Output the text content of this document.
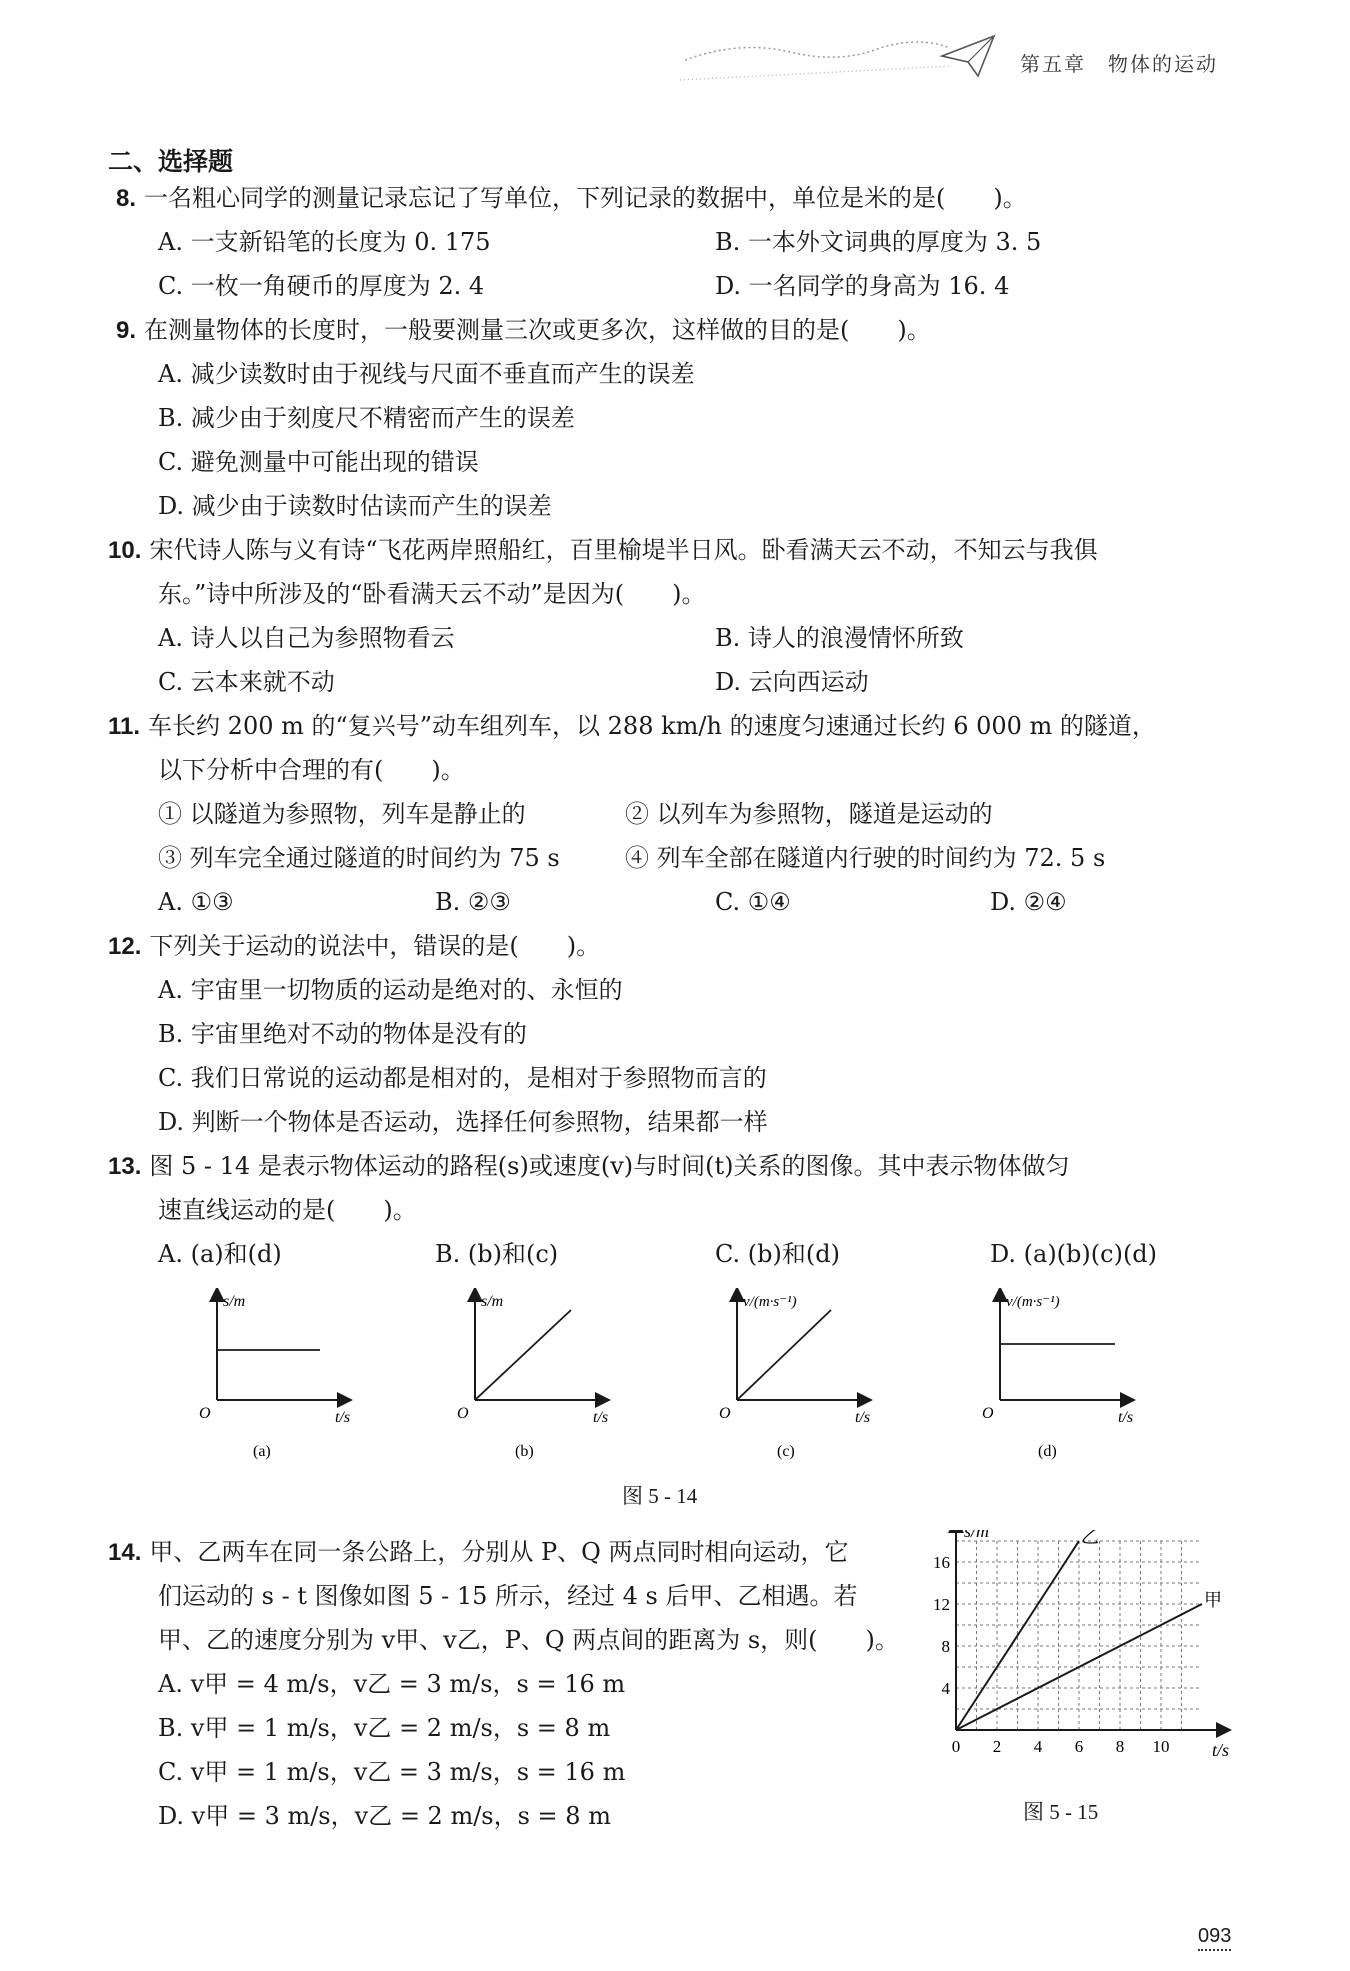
第五章　物体的运动
二、选择题
8. 一名粗心同学的测量记录忘记了写单位，下列记录的数据中，单位是米的是(　　)。
A. 一支新铅笔的长度为 0. 175	B. 一本外文词典的厚度为 3. 5
C. 一枚一角硬币的厚度为 2. 4	D. 一名同学的身高为 16. 4
9. 在测量物体的长度时，一般要测量三次或更多次，这样做的目的是(　　)。
A. 减少读数时由于视线与尺面不垂直而产生的误差
B. 减少由于刻度尺不精密而产生的误差
C. 避免测量中可能出现的错误
D. 减少由于读数时估读而产生的误差
10. 宋代诗人陈与义有诗“飞花两岸照船红，百里榆堤半日风。卧看满天云不动，不知云与我俱
东。”诗中所涉及的“卧看满天云不动”是因为(　　)。
A. 诗人以自己为参照物看云	B. 诗人的浪漫情怀所致
C. 云本来就不动	D. 云向西运动
11. 车长约 200 m 的“复兴号”动车组列车，以 288 km/h 的速度匀速通过长约 6 000 m 的隧道，
以下分析中合理的有(　　)。
① 以隧道为参照物，列车是静止的	② 以列车为参照物，隧道是运动的
③ 列车完全通过隧道的时间约为 75 s	④ 列车全部在隧道内行驶的时间约为 72. 5 s
A. ①③	B. ②③	C. ①④	D. ②④
12. 下列关于运动的说法中，错误的是(　　)。
A. 宇宙里一切物质的运动是绝对的、永恒的
B. 宇宙里绝对不动的物体是没有的
C. 我们日常说的运动都是相对的，是相对于参照物而言的
D. 判断一个物体是否运动，选择任何参照物，结果都一样
13. 图 5 - 14 是表示物体运动的路程(s)或速度(v)与时间(t)关系的图像。其中表示物体做匀
速直线运动的是(　　)。
A. (a)和(d)	B. (b)和(c)	C. (b)和(d)	D. (a)(b)(c)(d)
s/m
O	t/s
(a)
s/m
O	t/s
(b)
v/(m·s⁻¹)
O	t/s
(c)
v/(m·s⁻¹)
O	t/s
(d)
图 5 - 14
14. 甲、乙两车在同一条公路上，分别从 P、Q 两点同时相向运动，它
们运动的 s - t 图像如图 5 - 15 所示，经过 4 s 后甲、乙相遇。若
甲、乙的速度分别为 v甲、v乙，P、Q 两点间的距离为 s，则(　　)。
A. v甲 = 4 m/s，v乙 = 3 m/s，s = 16 m
B. v甲 = 1 m/s，v乙 = 2 m/s，s = 8 m
C. v甲 = 1 m/s，v乙 = 3 m/s，s = 16 m
D. v甲 = 3 m/s，v乙 = 2 m/s，s = 8 m
0 2 4 6 8 10
4
8
12
16
乙
甲
s/m
t/s
图 5 - 15
093
